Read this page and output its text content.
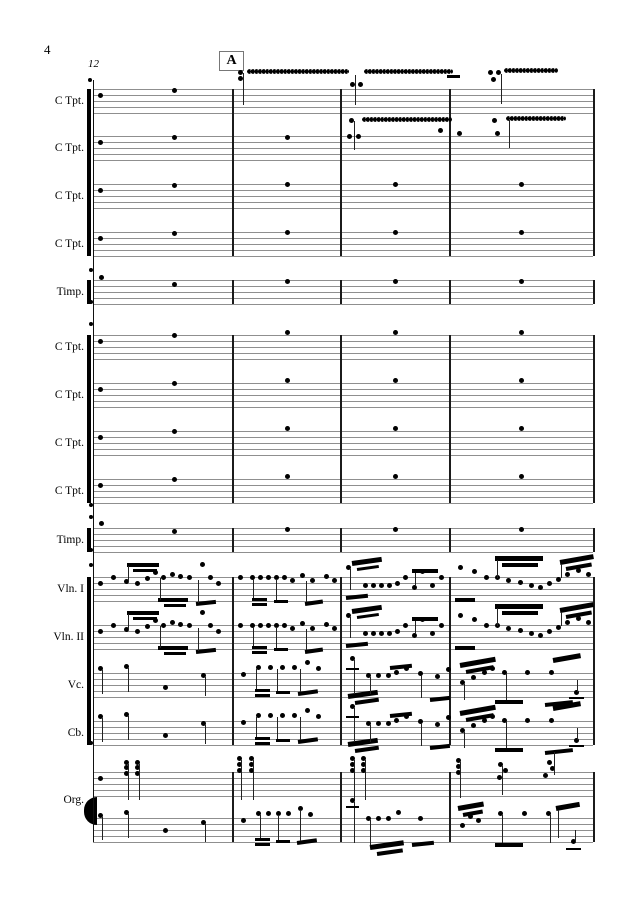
4
12	A
C Tpt.
C Tpt.
C Tpt.
C Tpt.
Timp.
C Tpt.
C Tpt.
C Tpt.
C Tpt.
Timp.
Vln. I
Vln. II
Vc.
Cb.
Org.
